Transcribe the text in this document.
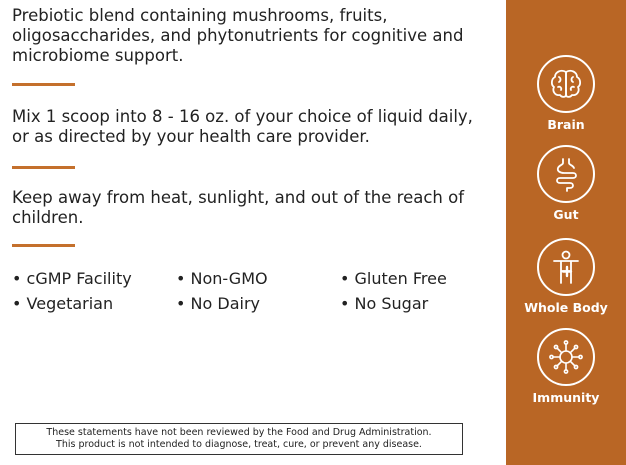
Prebiotic blend containing mushrooms, fruits, oligosaccharides, and phytonutrients for cognitive and microbiome support.

Mix 1 scoop into 8 - 16 oz. of your choice of liquid daily, or as directed by your health care provider.

Keep away from heat, sunlight, and out of the reach of children.

• cGMP Facility	• Non-GMO	• Gluten Free
• Vegetarian	• No Dairy	• No Sugar
These statements have not been reviewed by the Food and Drug Administration.
This product is not intended to diagnose, treat, cure, or prevent any disease.
Brain
Gut
Whole Body
Immunity
